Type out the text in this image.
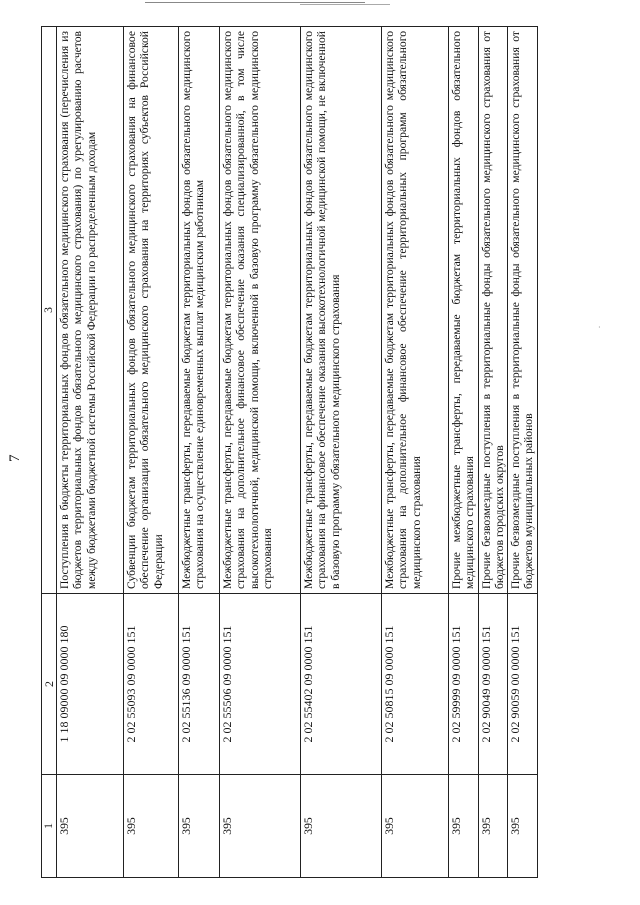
·
7
1	2	3
395	1 18 09000 09 0000 180	Поступления в бюджеты территориальных фондов обязательного медицинского страхования (перечисления из бюджетов территориальных фондов обязательного медицинского страхования) по урегулированию расчетов между бюджетами бюджетной системы Российской Федерации по распределенным доходам
395	2 02 55093 09 0000 151	Субвенции бюджетам территориальных фондов обязательного медицинского страхования на финансовое обеспечение организации обязательного медицинского страхования на территориях субъектов Российской Федерации
395	2 02 55136 09 0000 151	Межбюджетные трансферты, передаваемые бюджетам территориальных фондов обязательного медицинского страхования на осуществление единовременных выплат медицинским работникам
395	2 02 55506 09 0000 151	Межбюджетные трансферты, передаваемые бюджетам территориальных фондов обязательного медицинского страхования на дополнительное финансовое обеспечение оказания специализированной, в том числе высокотехнологичной, медицинской помощи, включенной в базовую программу обязательного медицинского страхования
395	2 02 55402 09 0000 151	Межбюджетные трансферты, передаваемые бюджетам территориальных фондов обязательного медицинского страхования на финансовое обеспечение оказания высокотехнологичной медицинской помощи, не включенной в базовую программу обязательного медицинского страхования
395	2 02 50815 09 0000 151	Межбюджетные трансферты, передаваемые бюджетам территориальных фондов обязательного медицинского страхования на дополнительное финансовое обеспечение территориальных программ обязательного медицинского страхования
395	2 02 59999 09 0000 151	Прочие межбюджетные трансферты, передаваемые бюджетам территориальных фондов обязательного медицинского страхования
395	2 02 90049 09 0000 151	Прочие безвозмездные поступления в территориальные фонды обязательного медицинского страхования от бюджетов городских округов
395	2 02 90059 00 0000 151	Прочие безвозмездные поступления в территориальные фонды обязательного медицинского страхования от бюджетов муниципальных районов
